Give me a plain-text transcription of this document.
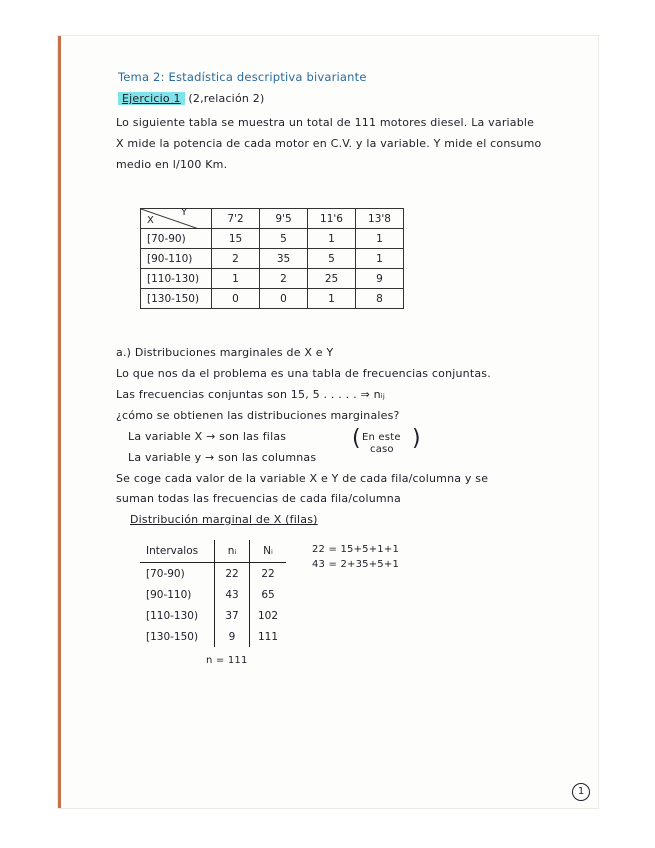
Tema 2: Estadística descriptiva bivariante
Ejercicio 1 (2,relación 2)
Lo siguiente tabla se muestra un total de 111 motores diesel. La variable
X mide la potencia de cada motor en C.V. y la variable. Y mide el consumo
medio en l/100 Km.
X
Y	7'2	9'5	11'6	13'8
[70-90)	15	5	1	1
[90-110)	2	35	5	1
[110-130)	1	2	25	9
[130-150)	0	0	1	8
a.) Distribuciones marginales de X e Y
Lo que nos da el problema es una tabla de frecuencias conjuntas.
Las frecuencias conjuntas son 15, 5 . . . . . ⇒ nᵢⱼ
¿cómo se obtienen las distribuciones marginales?
La variable X → son las filas
La variable y → son las columnas
( En este
caso )
Se coge cada valor de la variable X e Y de cada fila/columna y se
suman todas las frecuencias de cada fila/columna
Distribución marginal de X (filas)
Intervalos	nᵢ	Nᵢ
[70-90)	22	22
[90-110)	43	65
[110-130)	37	102
[130-150)	9	111
n = 111
22 = 15+5+1+1
43 = 2+35+5+1
1
